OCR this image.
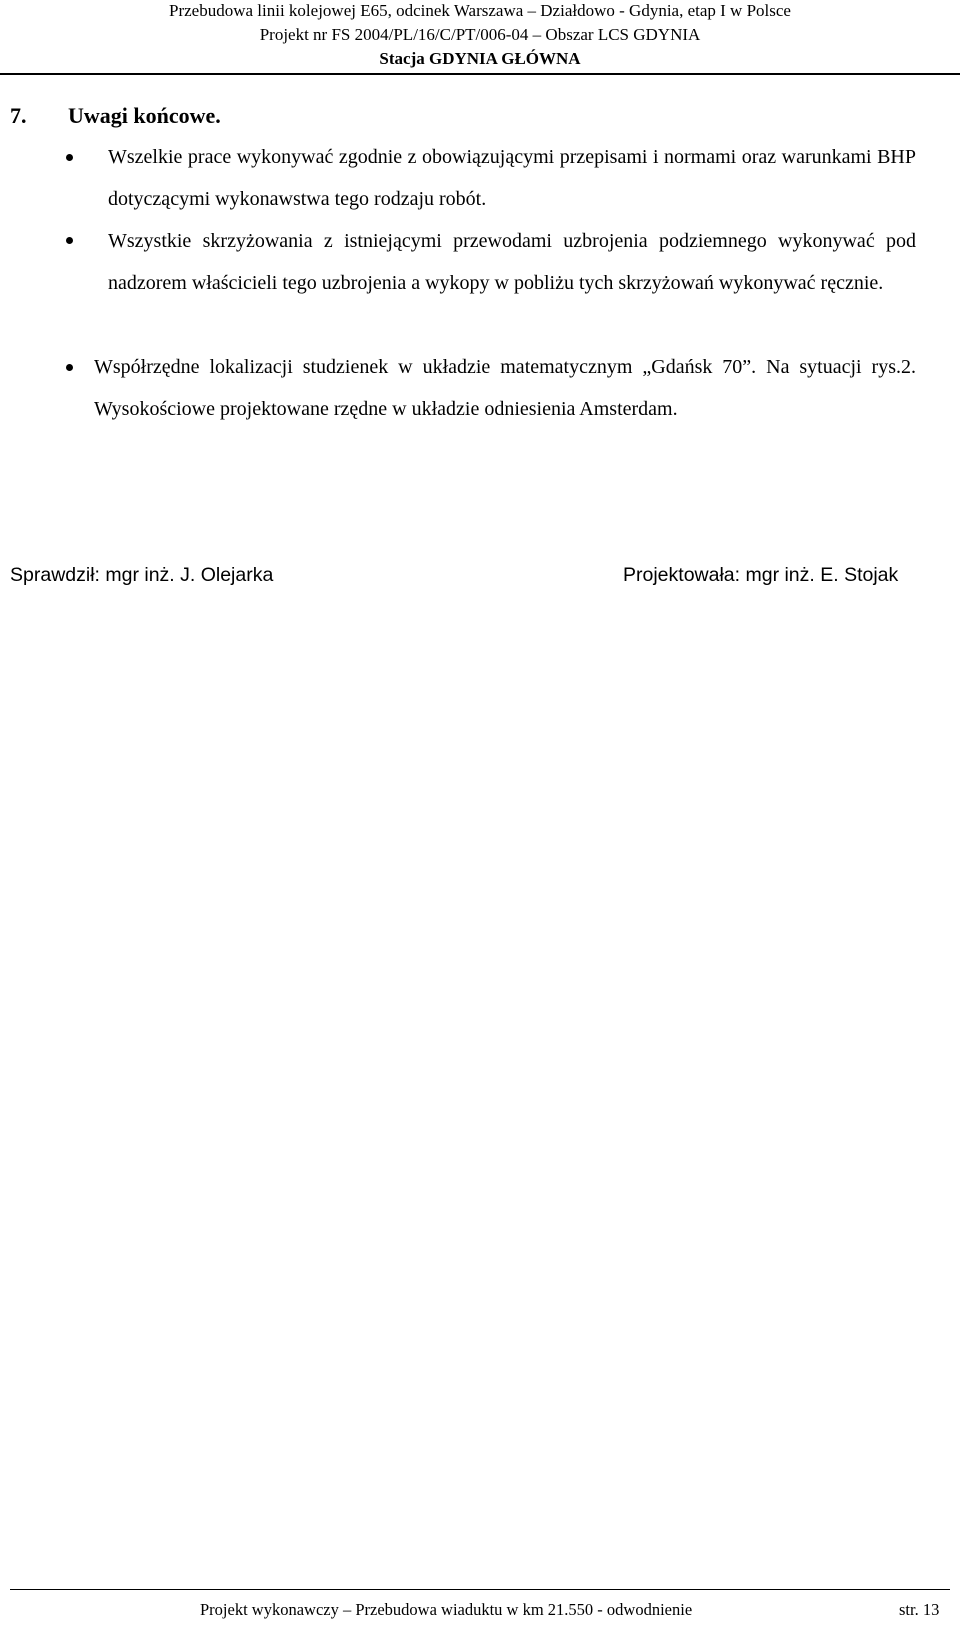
Przebudowa linii kolejowej E65, odcinek Warszawa – Działdowo - Gdynia, etap I w Polsce
Projekt nr FS 2004/PL/16/C/PT/006-04 – Obszar LCS GDYNIA
Stacja GDYNIA GŁÓWNA
7. Uwagi końcowe.
Wszelkie prace wykonywać zgodnie z obowiązującymi przepisami i normami oraz warunkami BHP dotyczącymi wykonawstwa tego rodzaju robót.
Wszystkie skrzyżowania z istniejącymi przewodami uzbrojenia podziemnego wykonywać pod nadzorem właścicieli tego uzbrojenia a wykopy w pobliżu tych skrzyżowań wykonywać ręcznie.
Współrzędne lokalizacji studzienek w układzie matematycznym „Gdańsk 70”. Na sytuacji rys.2. Wysokościowe projektowane rzędne w układzie odniesienia Amsterdam.
Sprawdził: mgr inż. J. Olejarka	Projektowała: mgr inż. E. Stojak
Projekt wykonawczy – Przebudowa wiaduktu w km 21.550 - odwodnienie	str. 13
